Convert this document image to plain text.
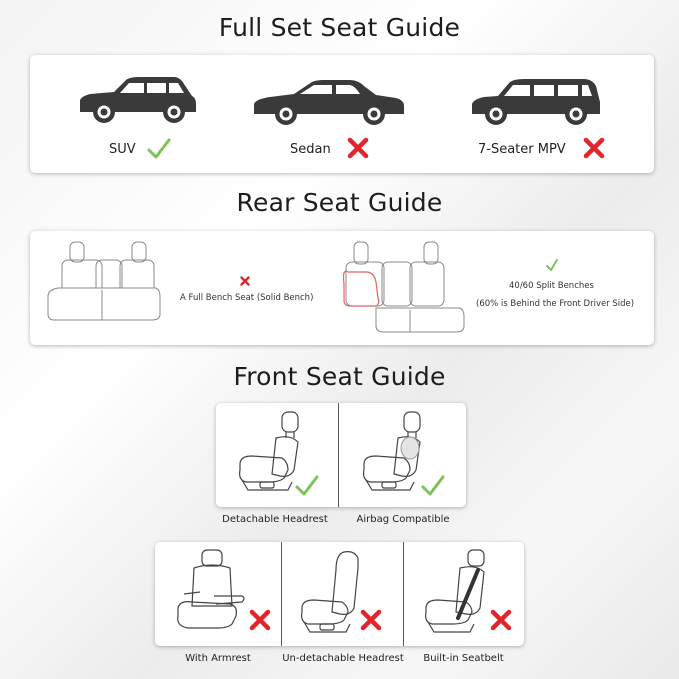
Full Set Seat Guide
Rear Seat Guide
Front Seat Guide
SUV	Sedan	7-Seater MPV
A Full Bench Seat (Solid Bench)
40/60 Split Benches
(60% is Behind the Front Driver Side)
Detachable Headrest	Airbag Compatible
With Armrest	Un-detachable Headrest	Built-in Seatbelt
